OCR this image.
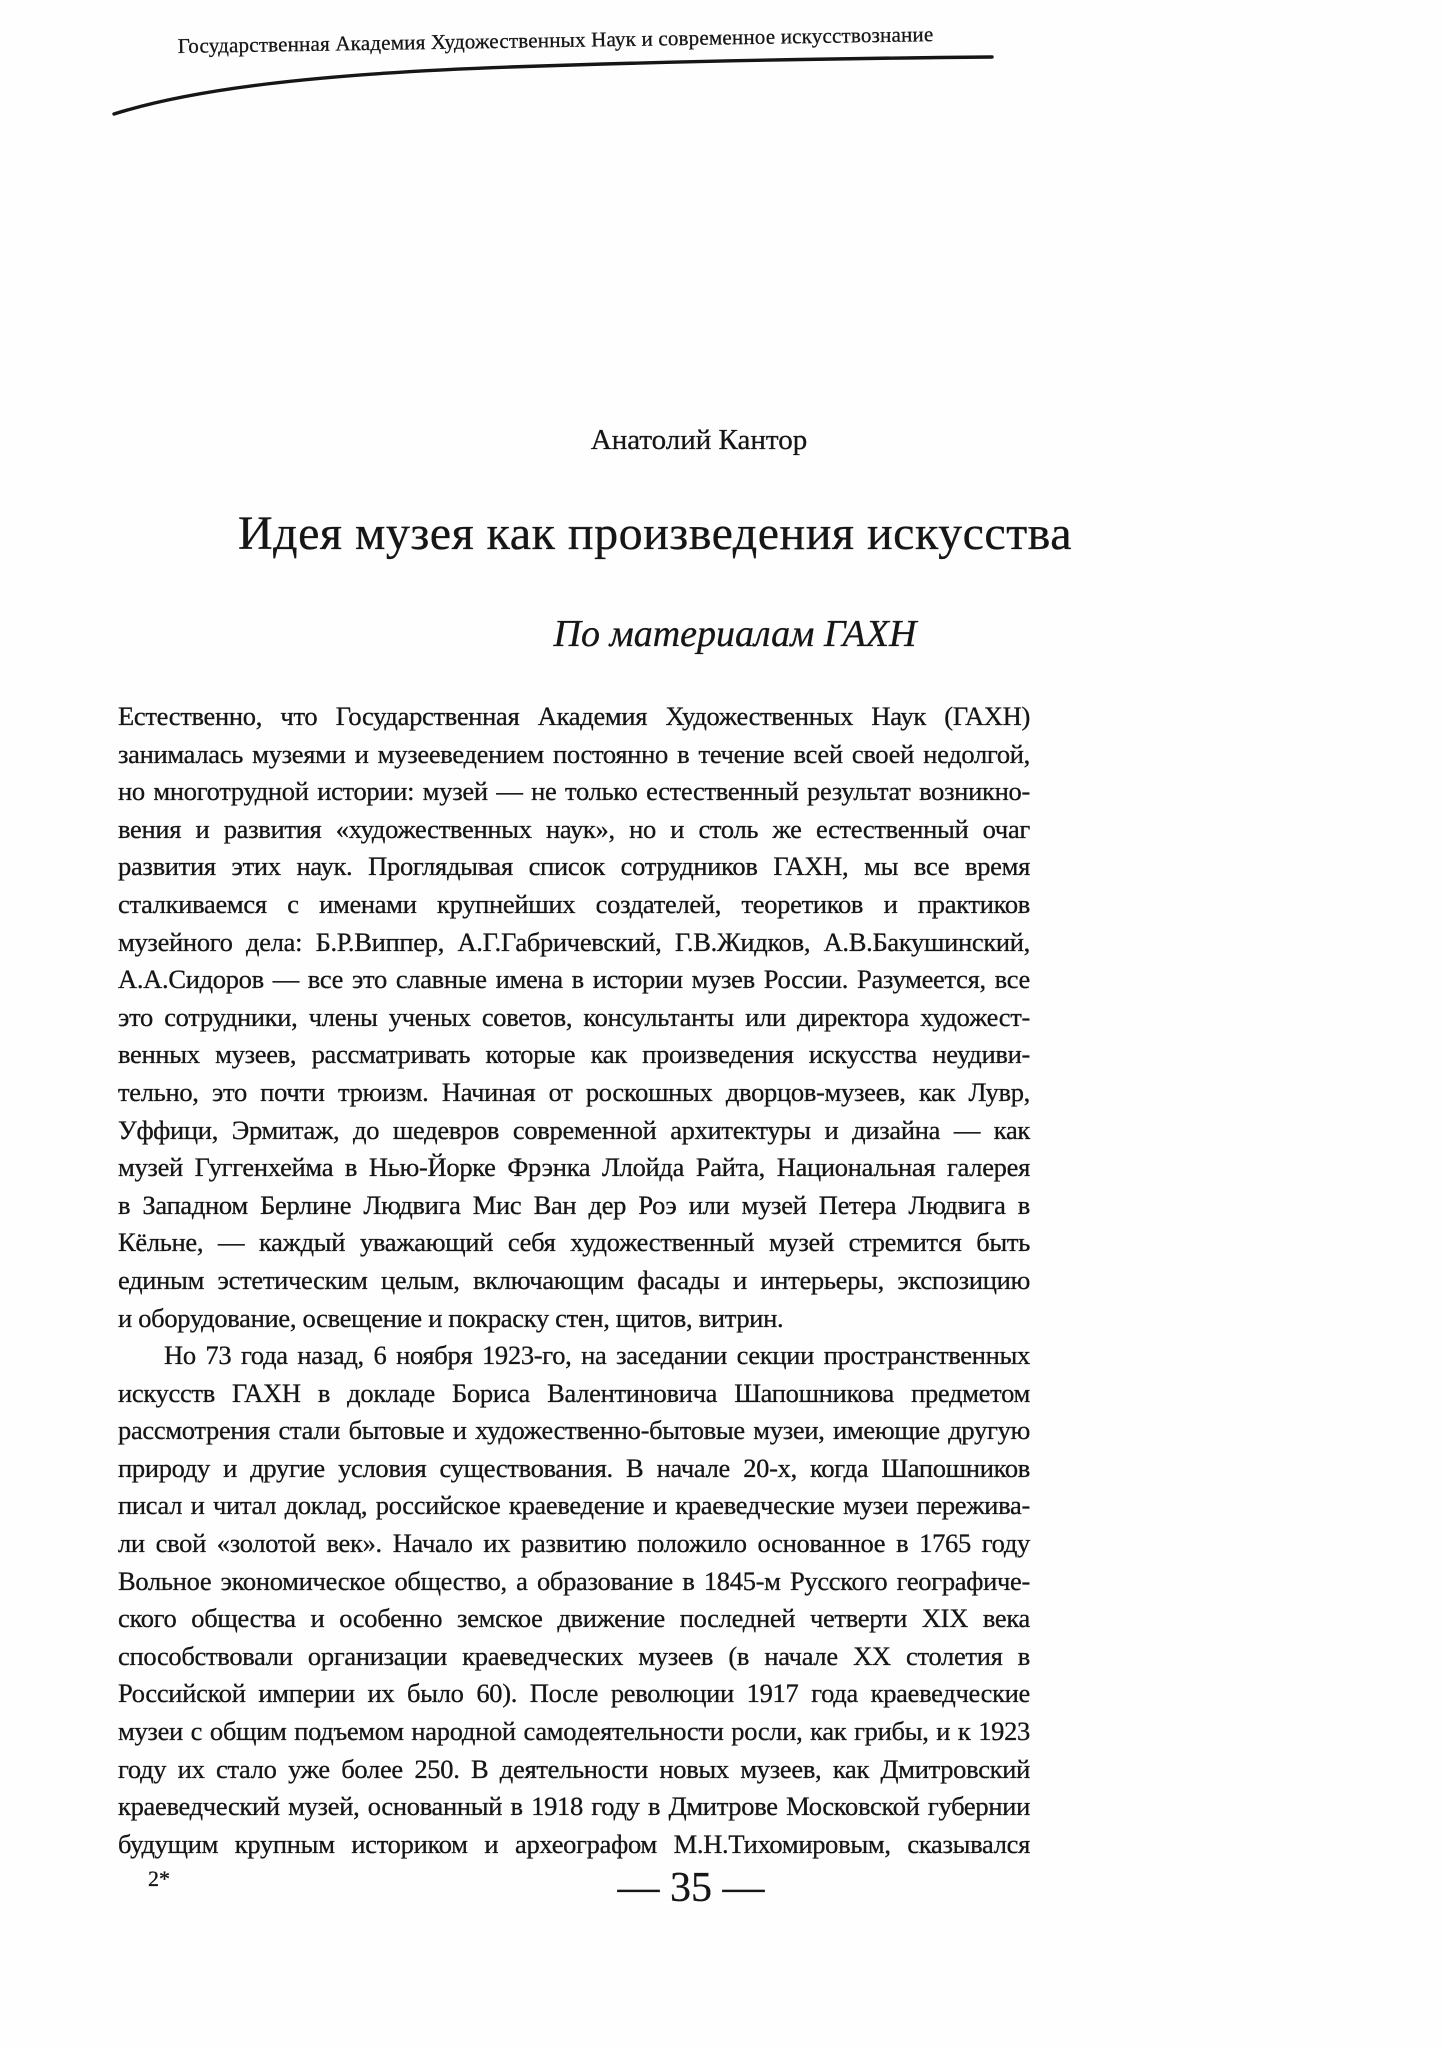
Государственная Академия Художественных Наук и современное искусствознание
Анатолий Кантор
Идея музея как произведения искусства
По материалам ГАХН
Естественно, что Государственная Академия Художественных Наук (ГАХН)
занималась музеями и музееведением постоянно в течение всей своей недолгой,
но многотрудной истории: музей — не только естественный результат возникно-
вения и развития «художественных наук», но и столь же естественный очаг
развития этих наук. Проглядывая список сотрудников ГАХН, мы все время
сталкиваемся с именами крупнейших создателей, теоретиков и практиков
музейного дела: Б.Р.Виппер, А.Г.Габричевский, Г.В.Жидков, А.В.Бакушинский,
А.А.Сидоров — все это славные имена в истории музев России. Разумеется, все
это сотрудники, члены ученых советов, консультанты или директора художест-
венных музеев, рассматривать которые как произведения искусства неудиви-
тельно, это почти трюизм. Начиная от роскошных дворцов-музеев, как Лувр,
Уффици, Эрмитаж, до шедевров современной архитектуры и дизайна — как
музей Гуггенхейма в Нью-Йорке Фрэнка Ллойда Райта, Национальная галерея
в Западном Берлине Людвига Мис Ван дер Роэ или музей Петера Людвига в
Кёльне, — каждый уважающий себя художественный музей стремится быть
единым эстетическим целым, включающим фасады и интерьеры, экспозицию
и оборудование, освещение и покраску стен, щитов, витрин.
Но 73 года назад, 6 ноября 1923-го, на заседании секции пространственных
искусств ГАХН в докладе Бориса Валентиновича Шапошникова предметом
рассмотрения стали бытовые и художественно-бытовые музеи, имеющие другую
природу и другие условия существования. В начале 20-х, когда Шапошников
писал и читал доклад, российское краеведение и краеведческие музеи пережива-
ли свой «золотой век». Начало их развитию положило основанное в 1765 году
Вольное экономическое общество, а образование в 1845-м Русского географиче-
ского общества и особенно земское движение последней четверти XIX века
способствовали организации краеведческих музеев (в начале XX столетия в
Российской империи их было 60). После революции 1917 года краеведческие
музеи с общим подъемом народной самодеятельности росли, как грибы, и к 1923
году их стало уже более 250. В деятельности новых музеев, как Дмитровский
краеведческий музей, основанный в 1918 году в Дмитрове Московской губернии
будущим крупным историком и археографом М.Н.Тихомировым, сказывался
2*	— 35 —
